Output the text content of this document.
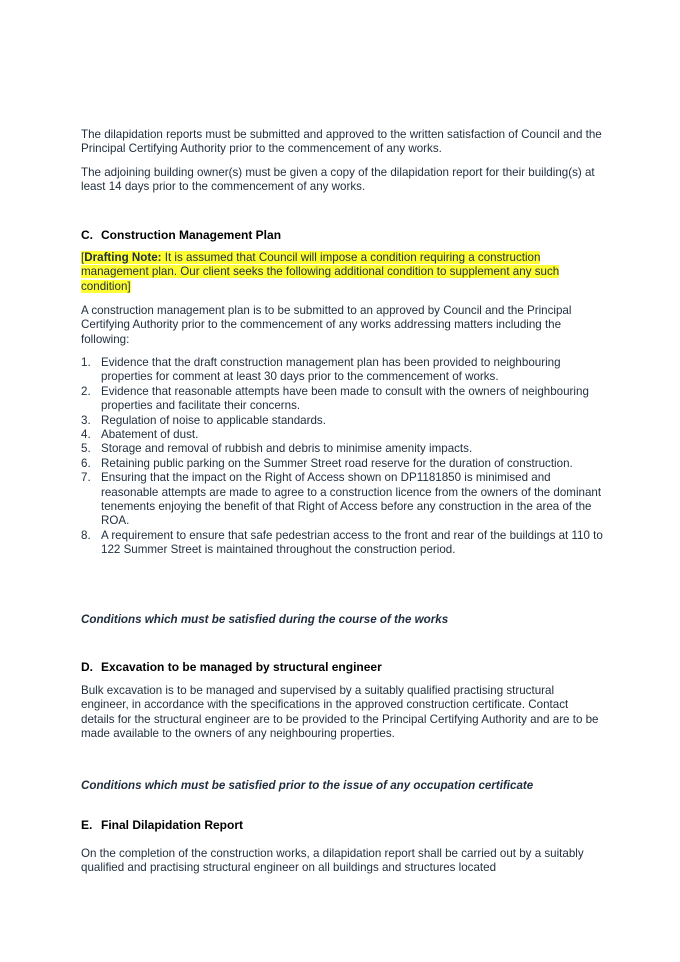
The dilapidation reports must be submitted and approved to the written satisfaction of Council and the Principal Certifying Authority prior to the commencement of any works.

The adjoining building owner(s) must be given a copy of the dilapidation report for their building(s) at least 14 days prior to the commencement of any works.

C. Construction Management Plan

[Drafting Note: It is assumed that Council will impose a condition requiring a construction management plan. Our client seeks the following additional condition to supplement any such condition]

A construction management plan is to be submitted to an approved by Council and the Principal Certifying Authority prior to the commencement of any works addressing matters including the following:

1. Evidence that the draft construction management plan has been provided to neighbouring properties for comment at least 30 days prior to the commencement of works.
2. Evidence that reasonable attempts have been made to consult with the owners of neighbouring properties and facilitate their concerns.
3. Regulation of noise to applicable standards.
4. Abatement of dust.
5. Storage and removal of rubbish and debris to minimise amenity impacts.
6. Retaining public parking on the Summer Street road reserve for the duration of construction.
7. Ensuring that the impact on the Right of Access shown on DP1181850 is minimised and reasonable attempts are made to agree to a construction licence from the owners of the dominant tenements enjoying the benefit of that Right of Access before any construction in the area of the ROA.
8. A requirement to ensure that safe pedestrian access to the front and rear of the buildings at 110 to 122 Summer Street is maintained throughout the construction period.

Conditions which must be satisfied during the course of the works

D. Excavation to be managed by structural engineer

Bulk excavation is to be managed and supervised by a suitably qualified practising structural engineer, in accordance with the specifications in the approved construction certificate. Contact details for the structural engineer are to be provided to the Principal Certifying Authority and are to be made available to the owners of any neighbouring properties.

Conditions which must be satisfied prior to the issue of any occupation certificate

E. Final Dilapidation Report

On the completion of the construction works, a dilapidation report shall be carried out by a suitably qualified and practising structural engineer on all buildings and structures located
